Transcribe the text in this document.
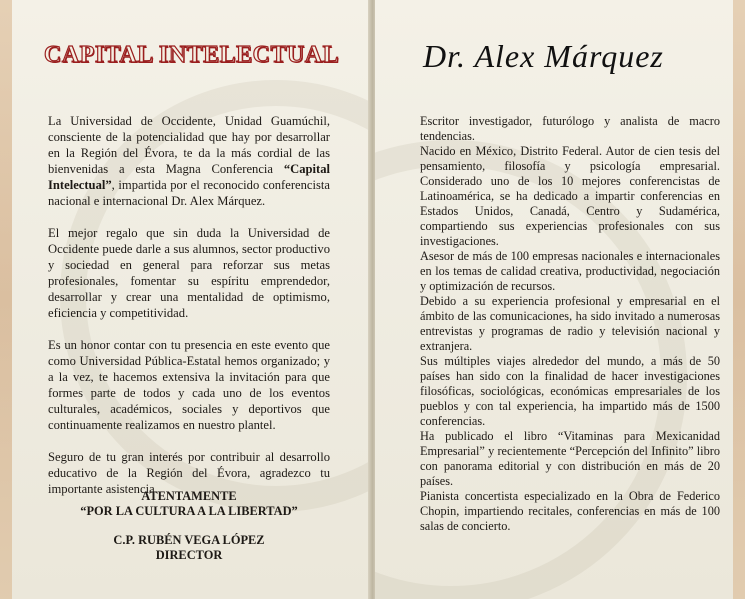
CAPITAL INTELECTUAL

La Universidad de Occidente, Unidad Guamúchil, consciente de la potencialidad que hay por desarrollar en la Región del Évora, te da la más cordial de las bienvenidas a esta Magna Conferencia “Capital Intelectual”, impartida por el reconocido conferencista nacional e internacional Dr. Alex Márquez.

El mejor regalo que sin duda la Universidad de Occidente puede darle a sus alumnos, sector productivo y sociedad en general para reforzar sus metas profesionales, fomentar su espíritu emprendedor, desarrollar y crear una mentalidad de optimismo, eficiencia y competitividad.

Es un honor contar con tu presencia en este evento que como Universidad Pública-Estatal hemos organizado; y a la vez, te hacemos extensiva la invitación para que formes parte de todos y cada uno de los eventos culturales, académicos, sociales y deportivos que continuamente realizamos en nuestro plantel.

Seguro de tu gran interés por contribuir al desarrollo educativo de la Región del Évora, agradezco tu importante asistencia.

ATENTAMENTE

“POR LA CULTURA A LA LIBERTAD”

C.P. RUBÉN VEGA LÓPEZ

DIRECTOR

Dr. Alex Márquez

Escritor investigador, futurólogo y analista de macro tendencias.

Nacido en México, Distrito Federal. Autor de cien tesis del pensamiento, filosofía y psicología empresarial. Considerado uno de los 10 mejores conferencistas de Latinoamérica, se ha dedicado a impartir conferencias en Estados Unidos, Canadá, Centro y Sudamérica, compartiendo sus experiencias profesionales con sus investigaciones.

Asesor de más de 100 empresas nacionales e internacionales en los temas de calidad creativa, productividad, negociación y optimización de recursos.

Debido a su experiencia profesional y empresarial en el ámbito de las comunicaciones, ha sido invitado a numerosas entrevistas y programas de radio y televisión nacional y extranjera.

Sus múltiples viajes alrededor del mundo, a más de 50 países han sido con la finalidad de hacer investigaciones filosóficas, sociológicas, económicas empresariales de los pueblos y con tal experiencia, ha impartido más de 1500 conferencias.

Ha publicado el libro “Vitaminas para Mexicanidad Empresarial” y recientemente “Percepción del Infinito” libro con panorama editorial y con distribución en más de 20 países.

Pianista concertista especializado en la Obra de Federico Chopin, impartiendo recitales, conferencias en más de 100 salas de concierto.
